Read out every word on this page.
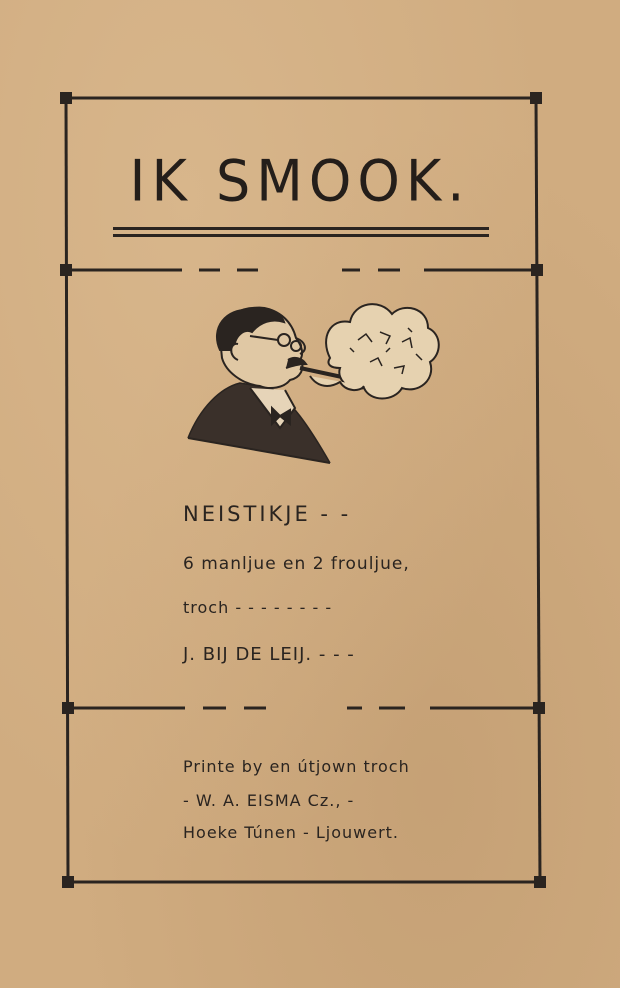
IK SMOOK.
NEISTIKJE - -
6 manljue en 2 frouljue,
troch - - - - - - - -
J. BIJ DE LEIJ. - - -
Printe by en útjown troch
- W. A. EISMA Cz., -
Hoeke Túnen - Ljouwert.
